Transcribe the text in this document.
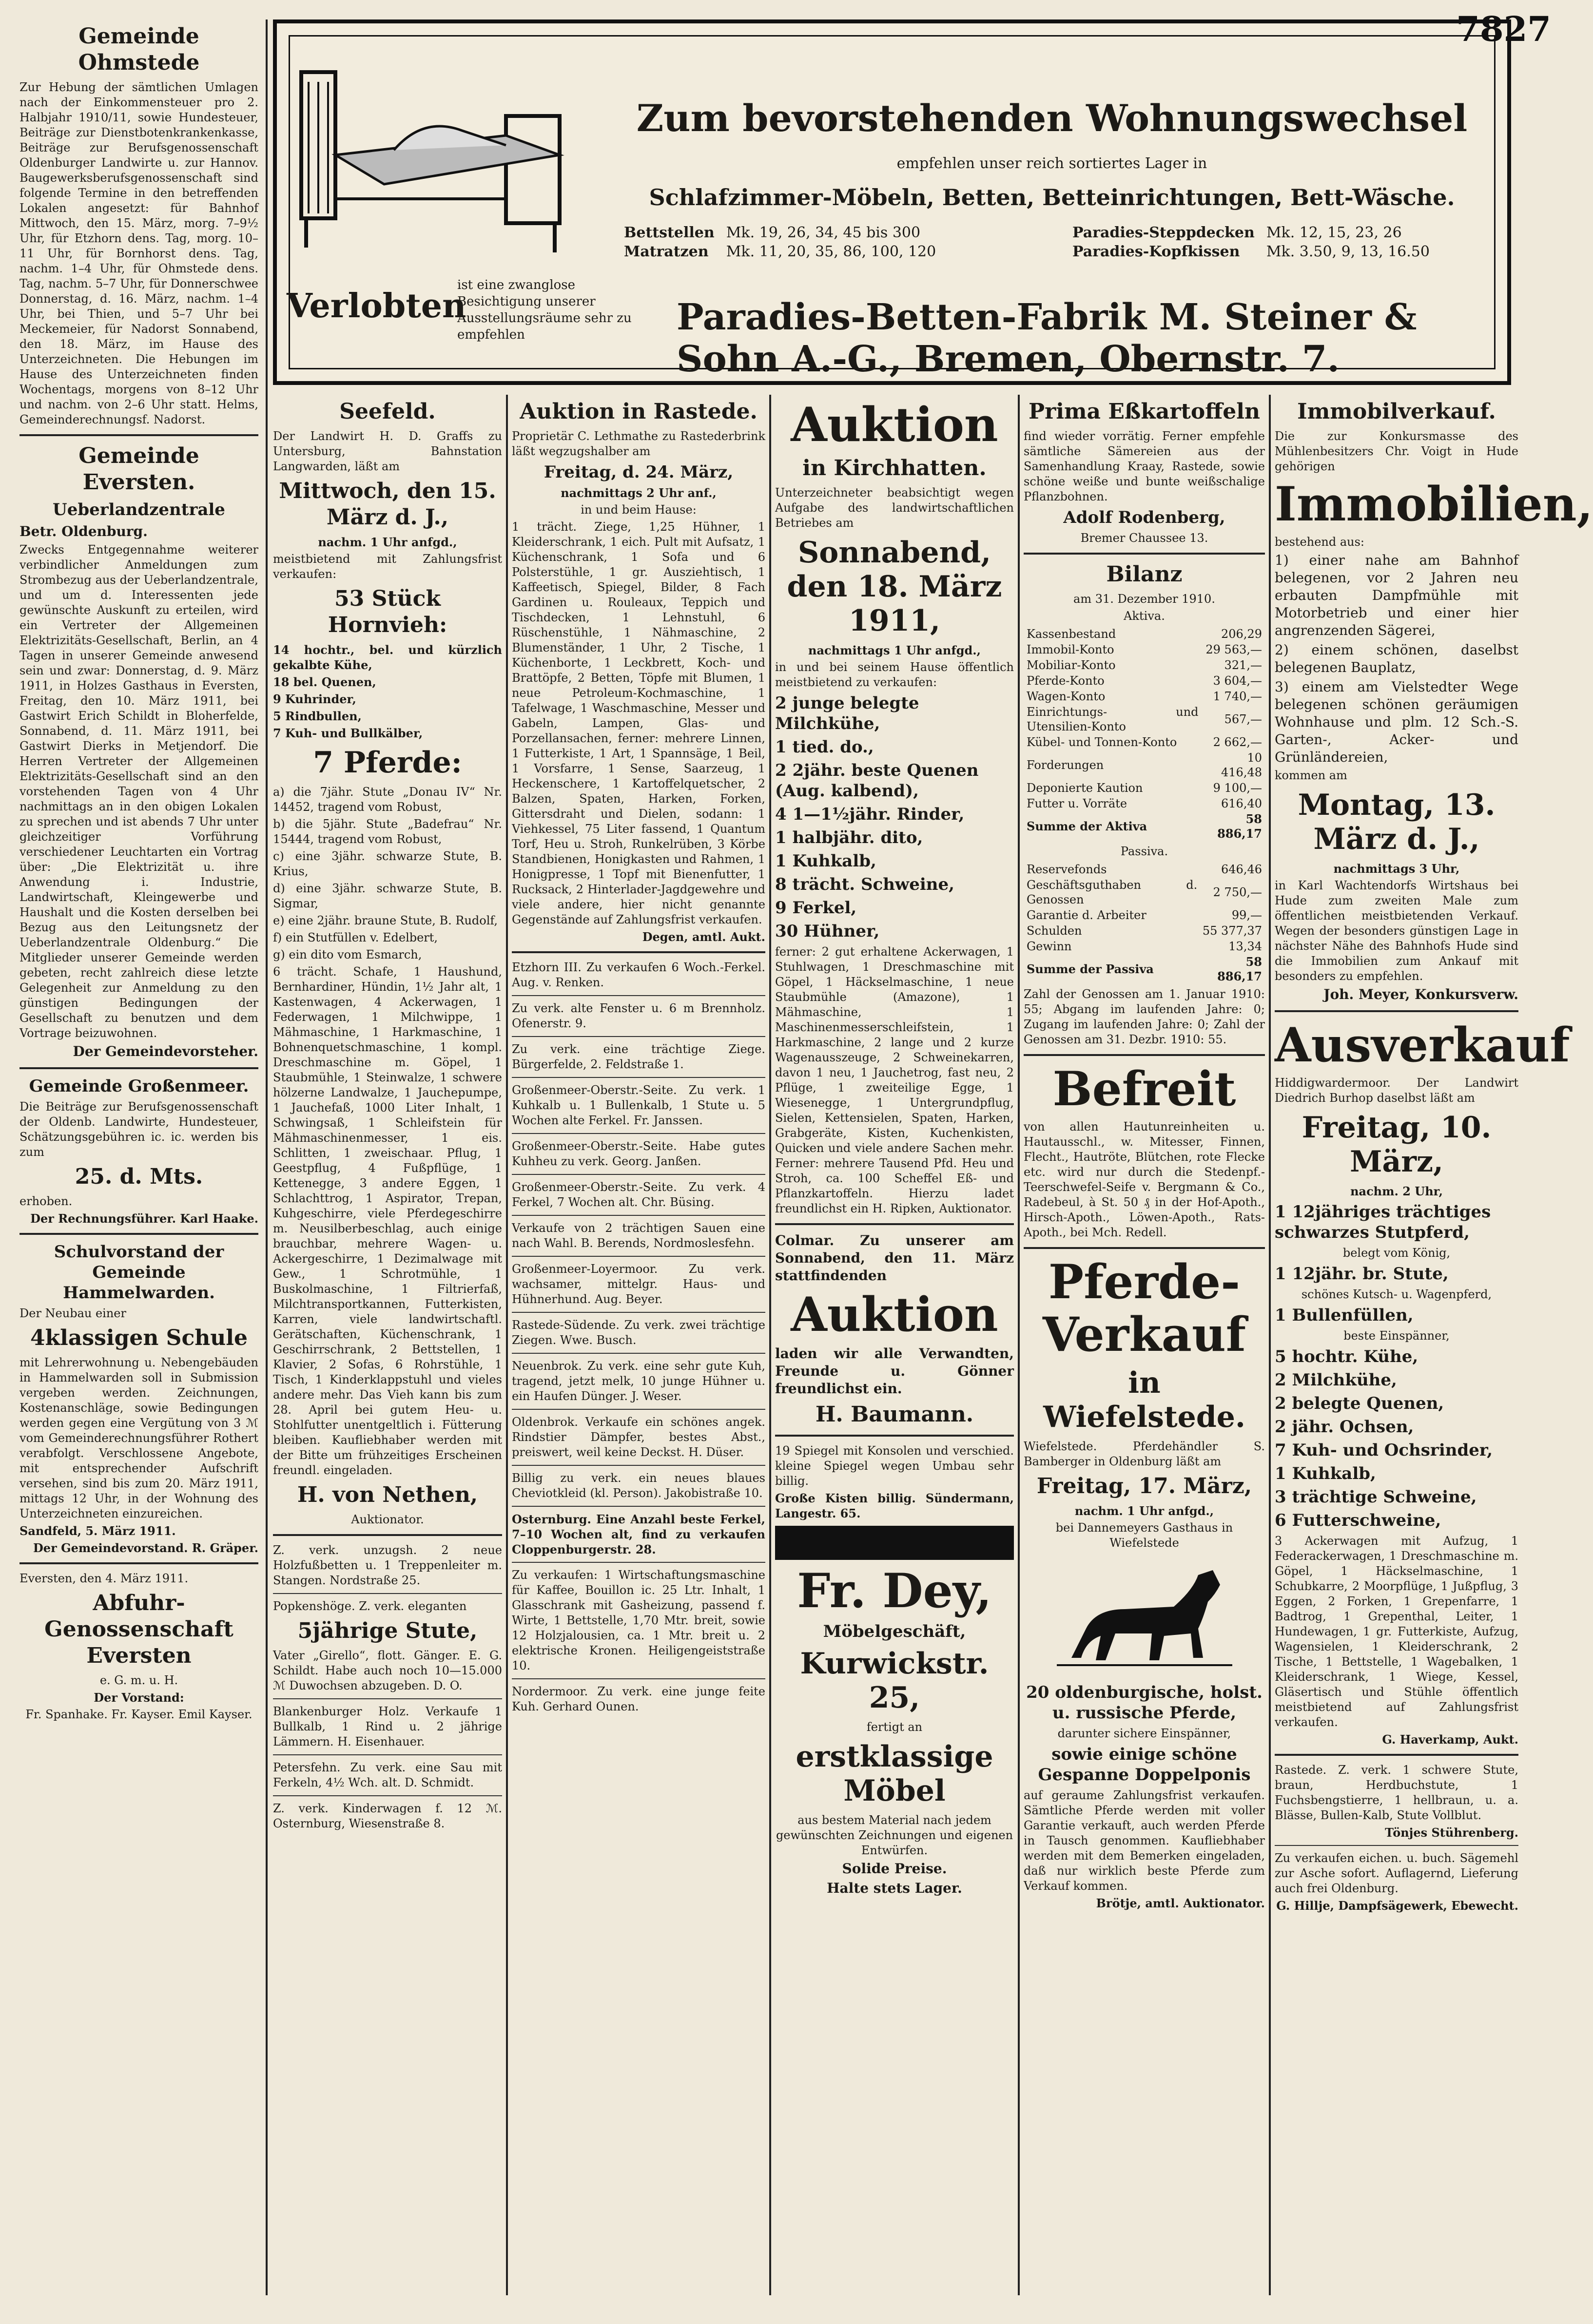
Zum bevorstehenden Wohnungswechsel
empfehlen unser reich sortiertes Lager in
Schlafzimmer-Möbeln, Betten, Betteinrichtungen, Bett-Wäsche.
Bettstellen	Mk. 19, 26, 34, 45 bis 300
Matratzen	Mk. 11, 20, 35, 86, 100, 120
Paradies-Steppdecken	Mk. 12, 15, 23, 26
Paradies-Kopfkissen	Mk. 3.50, 9, 13, 16.50
Verlobten
ist eine zwanglose Besichtigung unserer Ausstellungsräume sehr zu empfehlen	Paradies-Betten-Fabrik M. Steiner & Sohn A.-G., Bremen, Obernstr. 7.
Gemeinde Ohmstede

Zur Hebung der sämtlichen Umlagen nach der Einkommensteuer pro 2. Halbjahr 1910/11, sowie Hundesteuer, Beiträge zur Dienstbotenkrankenkasse, Beiträge zur Berufsgenossenschaft Oldenburger Landwirte u. zur Hannov. Baugewerksberufsgenossenschaft sind folgende Termine in den betreffenden Lokalen angesetzt: für Bahnhof Mittwoch, den 15. März, morg. 7–9½ Uhr, für Etzhorn dens. Tag, morg. 10–11 Uhr, für Bornhorst dens. Tag, nachm. 1–4 Uhr, für Ohmstede dens. Tag, nachm. 5–7 Uhr, für Donnerschwee Donnerstag, d. 16. März, nachm. 1–4 Uhr, bei Thien, und 5–7 Uhr bei Meckemeier, für Nadorst Sonnabend, den 18. März, im Hause des Unterzeichneten. Die Hebungen im Hause des Unterzeichneten finden Wochentags, morgens von 8–12 Uhr und nachm. von 2–6 Uhr statt. Helms, Gemeinderechnungsf. Nadorst.

Gemeinde Eversten.
Ueberlandzentrale

Betr. Oldenburg.

Zwecks Entgegennahme weiterer verbindlicher Anmeldungen zum Strombezug aus der Ueberlandzentrale, und um d. Interessenten jede gewünschte Auskunft zu erteilen, wird ein Vertreter der Allgemeinen Elektrizitäts-Gesellschaft, Berlin, an 4 Tagen in unserer Gemeinde anwesend sein und zwar: Donnerstag, d. 9. März 1911, in Holzes Gasthaus in Eversten, Freitag, den 10. März 1911, bei Gastwirt Erich Schildt in Bloherfelde, Sonnabend, d. 11. März 1911, bei Gastwirt Dierks in Metjendorf. Die Herren Vertreter der Allgemeinen Elektrizitäts-Gesellschaft sind an den vorstehenden Tagen von 4 Uhr nachmittags an in den obigen Lokalen zu sprechen und ist abends 7 Uhr unter gleichzeitiger Vorführung verschiedener Leuchtarten ein Vortrag über: „Die Elektrizität u. ihre Anwendung i. Industrie, Landwirtschaft, Kleingewerbe und Haushalt und die Kosten derselben bei Bezug aus den Leitungsnetz der Ueberlandzentrale Oldenburg.“ Die Mitglieder unserer Gemeinde werden gebeten, recht zahlreich diese letzte Gelegenheit zur Anmeldung zu den günstigen Bedingungen der Gesellschaft zu benutzen und dem Vortrage beizuwohnen.

Der Gemeindevorsteher.

Gemeinde Großenmeer.

Die Beiträge zur Berufsgenossenschaft der Oldenb. Landwirte, Hundesteuer, Schätzungsgebühren ic. ic. werden bis zum

25. d. Mts.

erhoben.

Der Rechnungsführer. Karl Haake.

Schulvorstand der Gemeinde Hammelwarden.

Der Neubau einer

4klassigen Schule

mit Lehrerwohnung u. Nebengebäuden in Hammelwarden soll in Submission vergeben werden. Zeichnungen, Kostenanschläge, sowie Bedingungen werden gegen eine Vergütung von 3 ℳ vom Gemeinderechnungsführer Rothert verabfolgt. Verschlossene Angebote, mit entsprechender Aufschrift versehen, sind bis zum 20. März 1911, mittags 12 Uhr, in der Wohnung des Unterzeichneten einzureichen.

Sandfeld, 5. März 1911.

Der Gemeindevorstand. R. Gräper.

Eversten, den 4. März 1911.

Abfuhr-Genossenschaft Eversten

e. G. m. u. H.

Der Vorstand:

Fr. Spanhake. Fr. Kayser. Emil Kayser.

Seefeld.

Der Landwirt H. D. Graffs zu Untersburg, Bahnstation Langwarden, läßt am

Mittwoch, den 15. März d. J.,

nachm. 1 Uhr anfgd.,

meistbietend mit Zahlungsfrist verkaufen:

53 Stück Hornvieh:

14 hochtr., bel. und kürzlich gekalbte Kühe,

18 bel. Quenen,

9 Kuhrinder,

5 Rindbullen,

7 Kuh- und Bullkälber,

7 Pferde:

a) die 7jähr. Stute „Donau IV“ Nr. 14452, tragend vom Robust,

b) die 5jähr. Stute „Badefrau“ Nr. 15444, tragend vom Robust,

c) eine 3jähr. schwarze Stute, B. Krius,

d) eine 3jähr. schwarze Stute, B. Sigmar,

e) eine 2jähr. braune Stute, B. Rudolf,

f) ein Stutfüllen v. Edelbert,

g) ein dito vom Esmarch,

6 trächt. Schafe, 1 Haushund, Bernhardiner, Hündin, 1½ Jahr alt, 1 Kastenwagen, 4 Ackerwagen, 1 Federwagen, 1 Milchwippe, 1 Mähmaschine, 1 Harkmaschine, 1 Bohnenquetschmaschine, 1 kompl. Dreschmaschine m. Göpel, 1 Staubmühle, 1 Steinwalze, 1 schwere hölzerne Landwalze, 1 Jauchepumpe, 1 Jauchefaß, 1000 Liter Inhalt, 1 Schwingsaß, 1 Schleifstein für Mähmaschinenmesser, 1 eis. Schlitten, 1 zweischaar. Pflug, 1 Geestpflug, 4 Fußpflüge, 1 Kettenegge, 3 andere Eggen, 1 Schlachttrog, 1 Aspirator, Trepan, Kuhgeschirre, viele Pferdegeschirre m. Neusilberbeschlag, auch einige brauchbar, mehrere Wagen- u. Ackergeschirre, 1 Dezimalwage mit Gew., 1 Schrotmühle, 1 Buskolmaschine, 1 Filtrierfaß, Milchtransportkannen, Futterkisten, Karren, viele landwirtschaftl. Gerätschaften, Küchenschrank, 1 Geschirrschrank, 2 Bettstellen, 1 Klavier, 2 Sofas, 6 Rohrstühle, 1 Tisch, 1 Kinderklappstuhl und vieles andere mehr. Das Vieh kann bis zum 28. April bei gutem Heu- u. Stohlfutter unentgeltlich i. Fütterung bleiben. Kaufliebhaber werden mit der Bitte um frühzeitiges Erscheinen freundl. eingeladen.

H. von Nethen,

Auktionator.

Z. verk. unzugsh. 2 neue Holzfußbetten u. 1 Treppenleiter m. Stangen. Nordstraße 25.

Popkenshöge. Z. verk. eleganten

5jährige Stute,

Vater „Girello“, flott. Gänger. E. G. Schildt. Habe auch noch 10—15.000 ℳ Duwochsen abzugeben. D. O.

Blankenburger Holz. Verkaufe 1 Bullkalb, 1 Rind u. 2 jährige Lämmern. H. Eisenhauer.

Petersfehn. Zu verk. eine Sau mit Ferkeln, 4½ Wch. alt. D. Schmidt.

Z. verk. Kinderwagen f. 12 ℳ. Osternburg, Wiesenstraße 8.

Auktion in Rastede.

Proprietär C. Lethmathe zu Rastederbrink läßt wegzugshalber am

Freitag, d. 24. März,

nachmittags 2 Uhr anf.,

in und beim Hause:

1 trächt. Ziege, 1,25 Hühner, 1 Kleiderschrank, 1 eich. Pult mit Aufsatz, 1 Küchenschrank, 1 Sofa und 6 Polsterstühle, 1 gr. Ausziehtisch, 1 Kaffeetisch, Spiegel, Bilder, 8 Fach Gardinen u. Rouleaux, Teppich und Tischdecken, 1 Lehnstuhl, 6 Rüschenstühle, 1 Nähmaschine, 2 Blumenständer, 1 Uhr, 2 Tische, 1 Küchenborte, 1 Leckbrett, Koch- und Brattöpfe, 2 Betten, Töpfe mit Blumen, 1 neue Petroleum-Kochmaschine, 1 Tafelwage, 1 Waschmaschine, Messer und Gabeln, Lampen, Glas- und Porzellansachen, ferner: mehrere Linnen, 1 Futterkiste, 1 Art, 1 Spannsäge, 1 Beil, 1 Vorsfarre, 1 Sense, Saarzeug, 1 Heckenschere, 1 Kartoffelquetscher, 2 Balzen, Spaten, Harken, Forken, Gittersdraht und Dielen, sodann: 1 Viehkessel, 75 Liter fassend, 1 Quantum Torf, Heu u. Stroh, Runkelrüben, 3 Körbe Standbienen, Honigkasten und Rahmen, 1 Honigpresse, 1 Topf mit Bienenfutter, 1 Rucksack, 2 Hinterlader-Jagdgewehre und viele andere, hier nicht genannte Gegenstände auf Zahlungsfrist verkaufen.

Degen, amtl. Aukt.

Etzhorn III. Zu verkaufen 6 Woch.-Ferkel. Aug. v. Renken.

Zu verk. alte Fenster u. 6 m Brennholz. Ofenerstr. 9.

Zu verk. eine trächtige Ziege. Bürgerfelde, 2. Feldstraße 1.

Großenmeer-Oberstr.-Seite. Zu verk. 1 Kuhkalb u. 1 Bullenkalb, 1 Stute u. 5 Wochen alte Ferkel. Fr. Janssen.

Großenmeer-Oberstr.-Seite. Habe gutes Kuhheu zu verk. Georg. Janßen.

Großenmeer-Oberstr.-Seite. Zu verk. 4 Ferkel, 7 Wochen alt. Chr. Büsing.

Verkaufe von 2 trächtigen Sauen eine nach Wahl. B. Berends, Nordmoslesfehn.

Großenmeer-Loyermoor. Zu verk. wachsamer, mittelgr. Haus- und Hühnerhund. Aug. Beyer.

Rastede-Südende. Zu verk. zwei trächtige Ziegen. Wwe. Busch.

Neuenbrok. Zu verk. eine sehr gute Kuh, tragend, jetzt melk, 10 junge Hühner u. ein Haufen Dünger. J. Weser.

Oldenbrok. Verkaufe ein schönes angek. Rindstier Dämpfer, bestes Abst., preiswert, weil keine Deckst. H. Düser.

Billig zu verk. ein neues blaues Cheviotkleid (kl. Person). Jakobistraße 10.

Osternburg. Eine Anzahl beste Ferkel, 7–10 Wochen alt, find zu verkaufen Cloppenburgerstr. 28.

Zu verkaufen: 1 Wirtschaftungsmaschine für Kaffee, Bouillon ic. 25 Ltr. Inhalt, 1 Glasschrank mit Gasheizung, passend f. Wirte, 1 Bettstelle, 1,70 Mtr. breit, sowie 12 Holzjalousien, ca. 1 Mtr. breit u. 2 elektrische Kronen. Heiligengeiststraße 10.

Nordermoor. Zu verk. eine junge feite Kuh. Gerhard Ounen.

Auktion
in Kirchhatten.

Unterzeichneter beabsichtigt wegen Aufgabe des landwirtschaftlichen Betriebes am

Sonnabend, den 18. März 1911,

nachmittags 1 Uhr anfgd.,

in und bei seinem Hause öffentlich meistbietend zu verkaufen:

2 junge belegte Milchkühe,

1 tied. do.,

2 2jähr. beste Quenen (Aug. kalbend),

4 1—1½jähr. Rinder,

1 halbjähr. dito,

1 Kuhkalb,

8 trächt. Schweine,

9 Ferkel,

30 Hühner,

ferner: 2 gut erhaltene Ackerwagen, 1 Stuhlwagen, 1 Dreschmaschine mit Göpel, 1 Häckselmaschine, 1 neue Staubmühle (Amazone), 1 Mähmaschine, 1 Maschinenmesserschleifstein, 1 Harkmaschine, 2 lange und 2 kurze Wagenausszeuge, 2 Schweinekarren, davon 1 neu, 1 Jauchetrog, fast neu, 2 Pflüge, 1 zweiteilige Egge, 1 Wiesenegge, 1 Untergrundpflug, Sielen, Kettensielen, Spaten, Harken, Grabgeräte, Kisten, Kuchenkisten, Quicken und viele andere Sachen mehr. Ferner: mehrere Tausend Pfd. Heu und Stroh, ca. 100 Scheffel Eß- und Pflanzkartoffeln. Hierzu ladet freundlichst ein H. Ripken, Auktionator.

Colmar. Zu unserer am Sonnabend, den 11. März stattfindenden

Auktion

laden wir alle Verwandten, Freunde u. Gönner freundlichst ein.

H. Baumann.

19 Spiegel mit Konsolen und verschied. kleine Spiegel wegen Umbau sehr billig.

Große Kisten billig. Sündermann, Langestr. 65.

Fr. Dey,
Möbelgeschäft,
Kurwickstr. 25,

fertigt an

erstklassige Möbel

aus bestem Material nach jedem gewünschten Zeichnungen und eigenen Entwürfen.

Solide Preise.

Halte stets Lager.

Prima Eßkartoffeln

find wieder vorrätig. Ferner empfehle sämtliche Sämereien aus der Samenhandlung Kraay, Rastede, sowie schöne weiße und bunte weißschalige Pflanzbohnen.

Adolf Rodenberg,

Bremer Chaussee 13.

Bilanz

am 31. Dezember 1910.

Aktiva.

Kassenbestand	206,29
Immobil-Konto	29 563,—
Mobiliar-Konto	321,—
Pferde-Konto	3 604,—
Wagen-Konto	1 740,—
Einrichtungs- und Utensilien-Konto	567,—
Kübel- und Tonnen-Konto	2 662,—
Forderungen	10 416,48
Deponierte Kaution	9 100,—
Futter u. Vorräte	616,40
Summe der Aktiva	58 886,17

Passiva.

Reservefonds	646,46
Geschäftsguthaben d. Genossen	2 750,—
Garantie d. Arbeiter	99,—
Schulden	55 377,37
Gewinn	13,34
Summe der Passiva	58 886,17

Zahl der Genossen am 1. Januar 1910: 55; Abgang im laufenden Jahre: 0; Zugang im laufenden Jahre: 0; Zahl der Genossen am 31. Dezbr. 1910: 55.

Befreit

von allen Hautunreinheiten u. Hautausschl., w. Mitesser, Finnen, Flecht., Hautröte, Blütchen, rote Flecke etc. wird nur durch die Stedenpf.-Teerschwefel-Seife v. Bergmann & Co., Radebeul, à St. 50 ₰ in der Hof-Apoth., Hirsch-Apoth., Löwen-Apoth., Rats-Apoth., bei Mch. Redell.

Pferde-Verkauf
in Wiefelstede.

Wiefelstede. Pferdehändler S. Bamberger in Oldenburg läßt am

Freitag, 17. März,

nachm. 1 Uhr anfgd.,

bei Dannemeyers Gasthaus in Wiefelstede

20 oldenburgische, holst. u. russische Pferde,

darunter sichere Einspänner,

sowie einige schöne Gespanne Doppelponis

auf geraume Zahlungsfrist verkaufen. Sämtliche Pferde werden mit voller Garantie verkauft, auch werden Pferde in Tausch genommen. Kaufliebhaber werden mit dem Bemerken eingeladen, daß nur wirklich beste Pferde zum Verkauf kommen.

Brötje, amtl. Auktionator.

Immobilverkauf.

Die zur Konkursmasse des Mühlenbesitzers Chr. Voigt in Hude gehörigen

Immobilien,

bestehend aus:

1) einer nahe am Bahnhof belegenen, vor 2 Jahren neu erbauten Dampfmühle mit Motorbetrieb und einer hier angrenzenden Sägerei,

2) einem schönen, daselbst belegenen Bauplatz,

3) einem am Vielstedter Wege belegenen schönen geräumigen Wohnhause und plm. 12 Sch.-S. Garten-, Acker- und Grünländereien,

kommen am

Montag, 13. März d. J.,

nachmittags 3 Uhr,

in Karl Wachtendorfs Wirtshaus bei Hude zum zweiten Male zum öffentlichen meistbietenden Verkauf. Wegen der besonders günstigen Lage in nächster Nähe des Bahnhofs Hude sind die Immobilien zum Ankauf mit besonders zu empfehlen.

Joh. Meyer, Konkursverw.

Ausverkauf

Hiddigwardermoor. Der Landwirt Diedrich Burhop daselbst läßt am

Freitag, 10. März,

nachm. 2 Uhr,

1 12jähriges trächtiges schwarzes Stutpferd,

belegt vom König,

1 12jähr. br. Stute,

schönes Kutsch- u. Wagenpferd,

1 Bullenfüllen,

beste Einspänner,

5 hochtr. Kühe,

2 Milchkühe,

2 belegte Quenen,

2 jähr. Ochsen,

7 Kuh- und Ochsrinder,

1 Kuhkalb,

3 trächtige Schweine,

6 Futterschweine,

3 Ackerwagen mit Aufzug, 1 Federackerwagen, 1 Dreschmaschine m. Göpel, 1 Häckselmaschine, 1 Schubkarre, 2 Moorpflüge, 1 Jußpflug, 3 Eggen, 2 Forken, 1 Grepenfarre, 1 Badtrog, 1 Grepenthal, Leiter, 1 Hundewagen, 1 gr. Futterkiste, Aufzug, Wagensielen, 1 Kleiderschrank, 2 Tische, 1 Bettstelle, 1 Wagebalken, 1 Kleiderschrank, 1 Wiege, Kessel, Gläsertisch und Stühle öffentlich meistbietend auf Zahlungsfrist verkaufen.

G. Haverkamp, Aukt.

Rastede. Z. verk. 1 schwere Stute, braun, Herdbuchstute, 1 Fuchsbengstierre, 1 hellbraun, u. a. Blässe, Bullen-Kalb, Stute Vollblut.

Tönjes Stührenberg.

Zu verkaufen eichen. u. buch. Sägemehl zur Asche sofort. Auflagernd, Lieferung auch frei Oldenburg.

G. Hillje, Dampfsägewerk, Ebewecht.

7827
